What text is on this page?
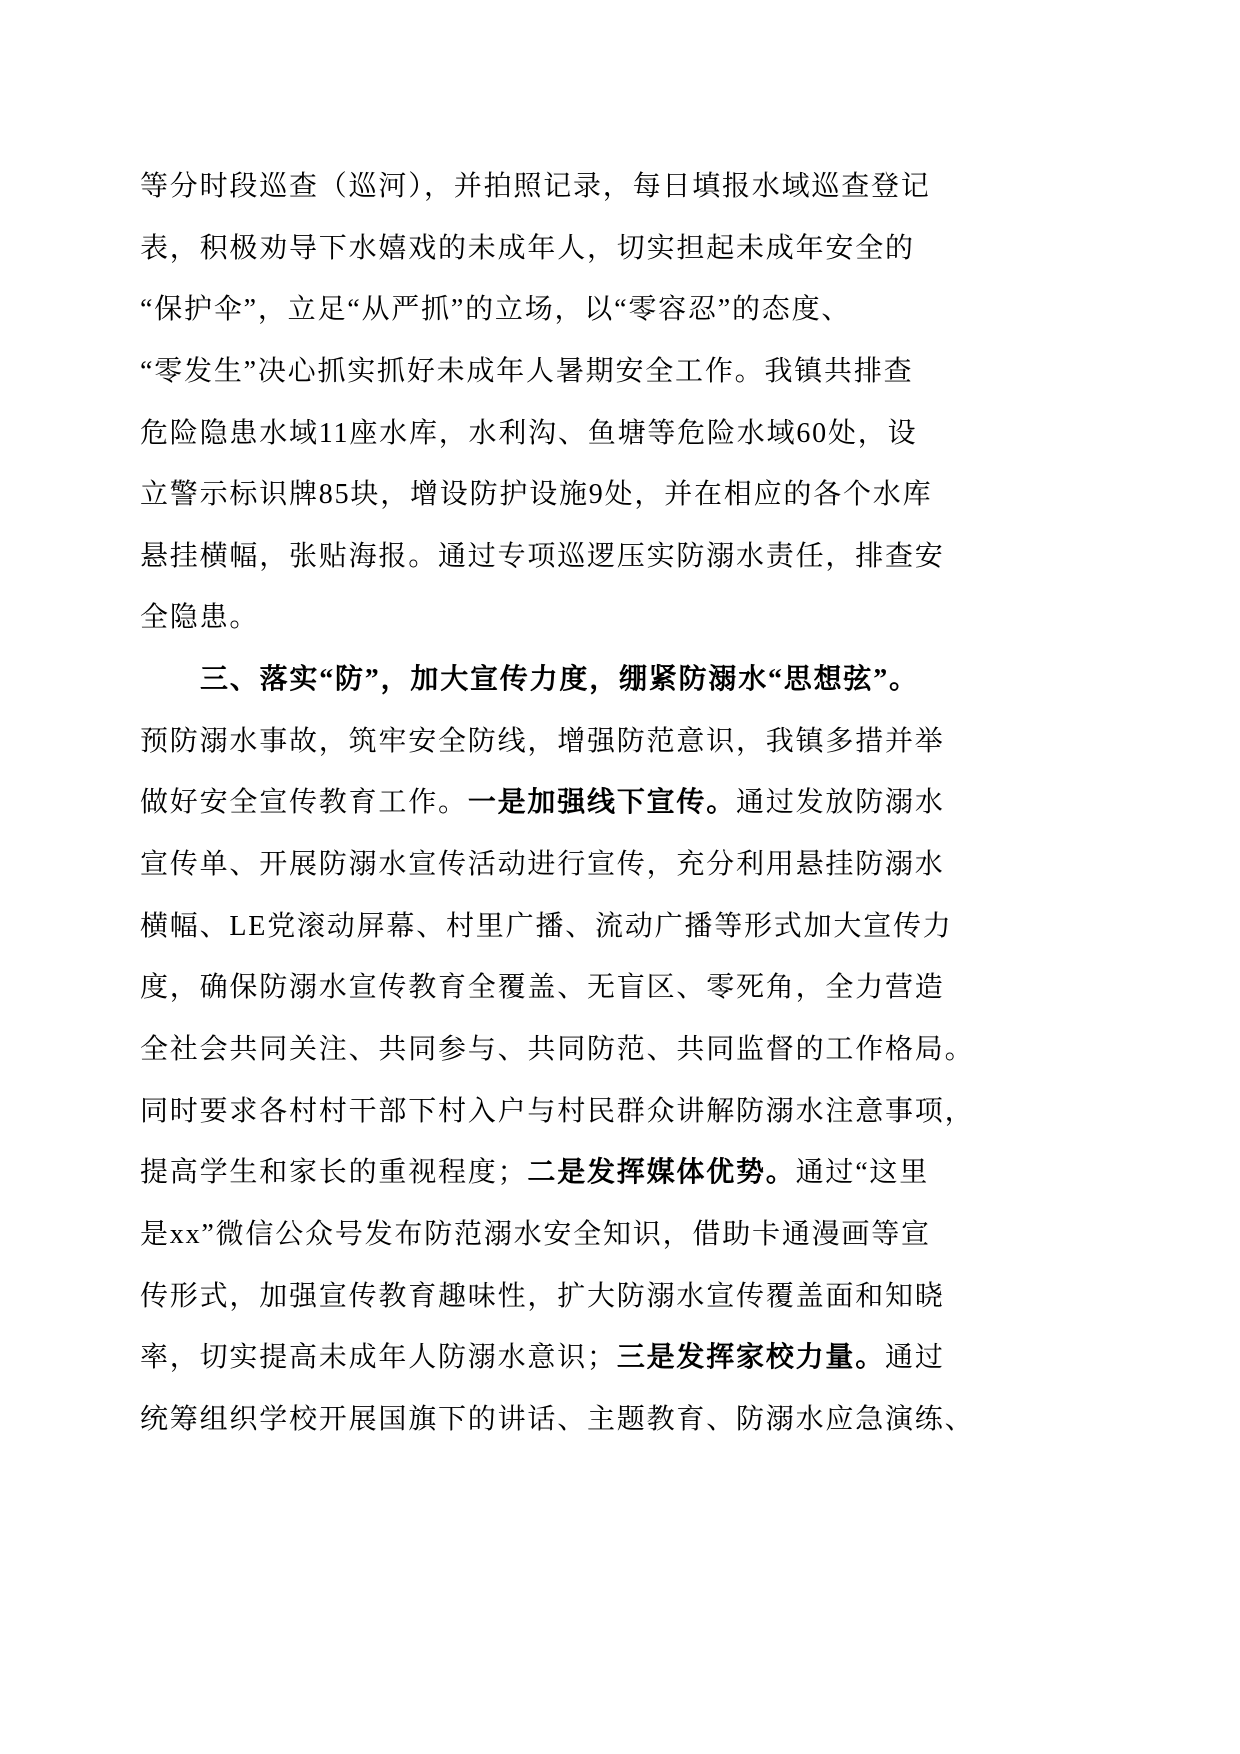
等分时段巡查（巡河），并拍照记录，每日填报水域巡查登记
表，积极劝导下水嬉戏的未成年人，切实担起未成年安全的
“保护伞”，立足“从严抓”的立场，以“零容忍”的态度、
“零发生”决心抓实抓好未成年人暑期安全工作。我镇共排查
危险隐患水域11座水库，水利沟、鱼塘等危险水域60处，设
立警示标识牌85块，增设防护设施9处，并在相应的各个水库
悬挂横幅，张贴海报。通过专项巡逻压实防溺水责任，排查安
全隐患。
三、落实“防”，加大宣传力度，绷紧防溺水“思想弦”。
预防溺水事故，筑牢安全防线，增强防范意识，我镇多措并举
做好安全宣传教育工作。一是加强线下宣传。通过发放防溺水
宣传单、开展防溺水宣传活动进行宣传，充分利用悬挂防溺水
横幅、LE党滚动屏幕、村里广播、流动广播等形式加大宣传力
度，确保防溺水宣传教育全覆盖、无盲区、零死角，全力营造
全社会共同关注、共同参与、共同防范、共同监督的工作格局。
同时要求各村村干部下村入户与村民群众讲解防溺水注意事项，
提高学生和家长的重视程度；二是发挥媒体优势。通过“这里
是xx”微信公众号发布防范溺水安全知识，借助卡通漫画等宣
传形式，加强宣传教育趣味性，扩大防溺水宣传覆盖面和知晓
率，切实提高未成年人防溺水意识；三是发挥家校力量。通过
统筹组织学校开展国旗下的讲话、主题教育、防溺水应急演练、
